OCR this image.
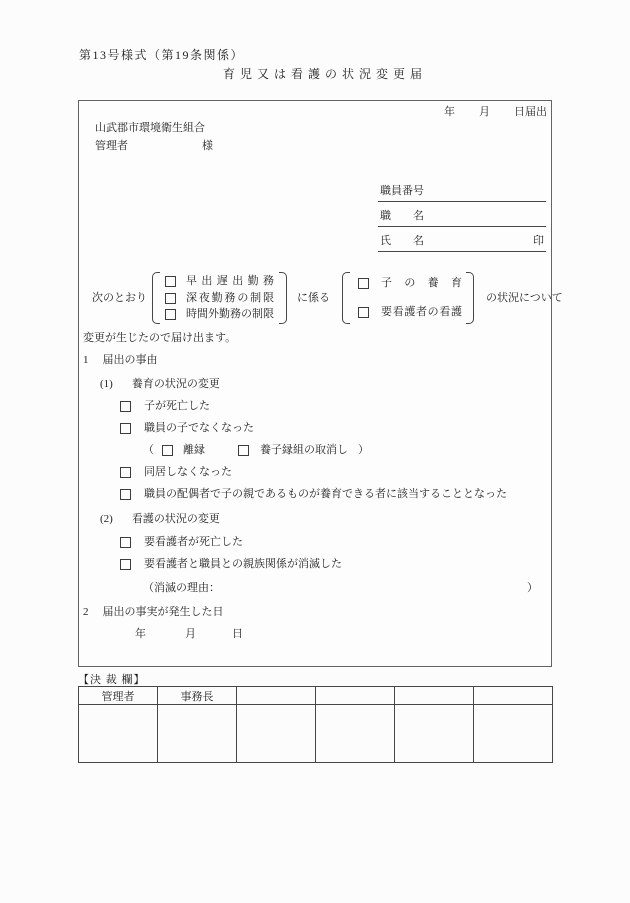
第13号様式（第19条関係）
育児又は看護の状況変更届
年 月 日届出
山武郡市環境衛生組合
管理者	様
職員番号
職　　名
氏　　名	印
次のとおり
早出遅出勤務
深夜勤務の制限
時間外勤務の制限
に係る
子の養育
要看護者の看護
の状況について
変更が生じたので届け出ます。
1 届出の事由
(1) 養育の状況の変更
子が死亡した
職員の子でなくなった
（	離縁	養子縁組の取消し ）
同居しなくなった
職員の配偶者で子の親であるものが養育できる者に該当することとなった
(2) 看護の状況の変更
要看護者が死亡した
要看護者と職員との親族関係が消滅した
（消滅の理由：	）
2 届出の事実が発生した日
年	月	日
【決 裁 欄】
管理者	事務長				
